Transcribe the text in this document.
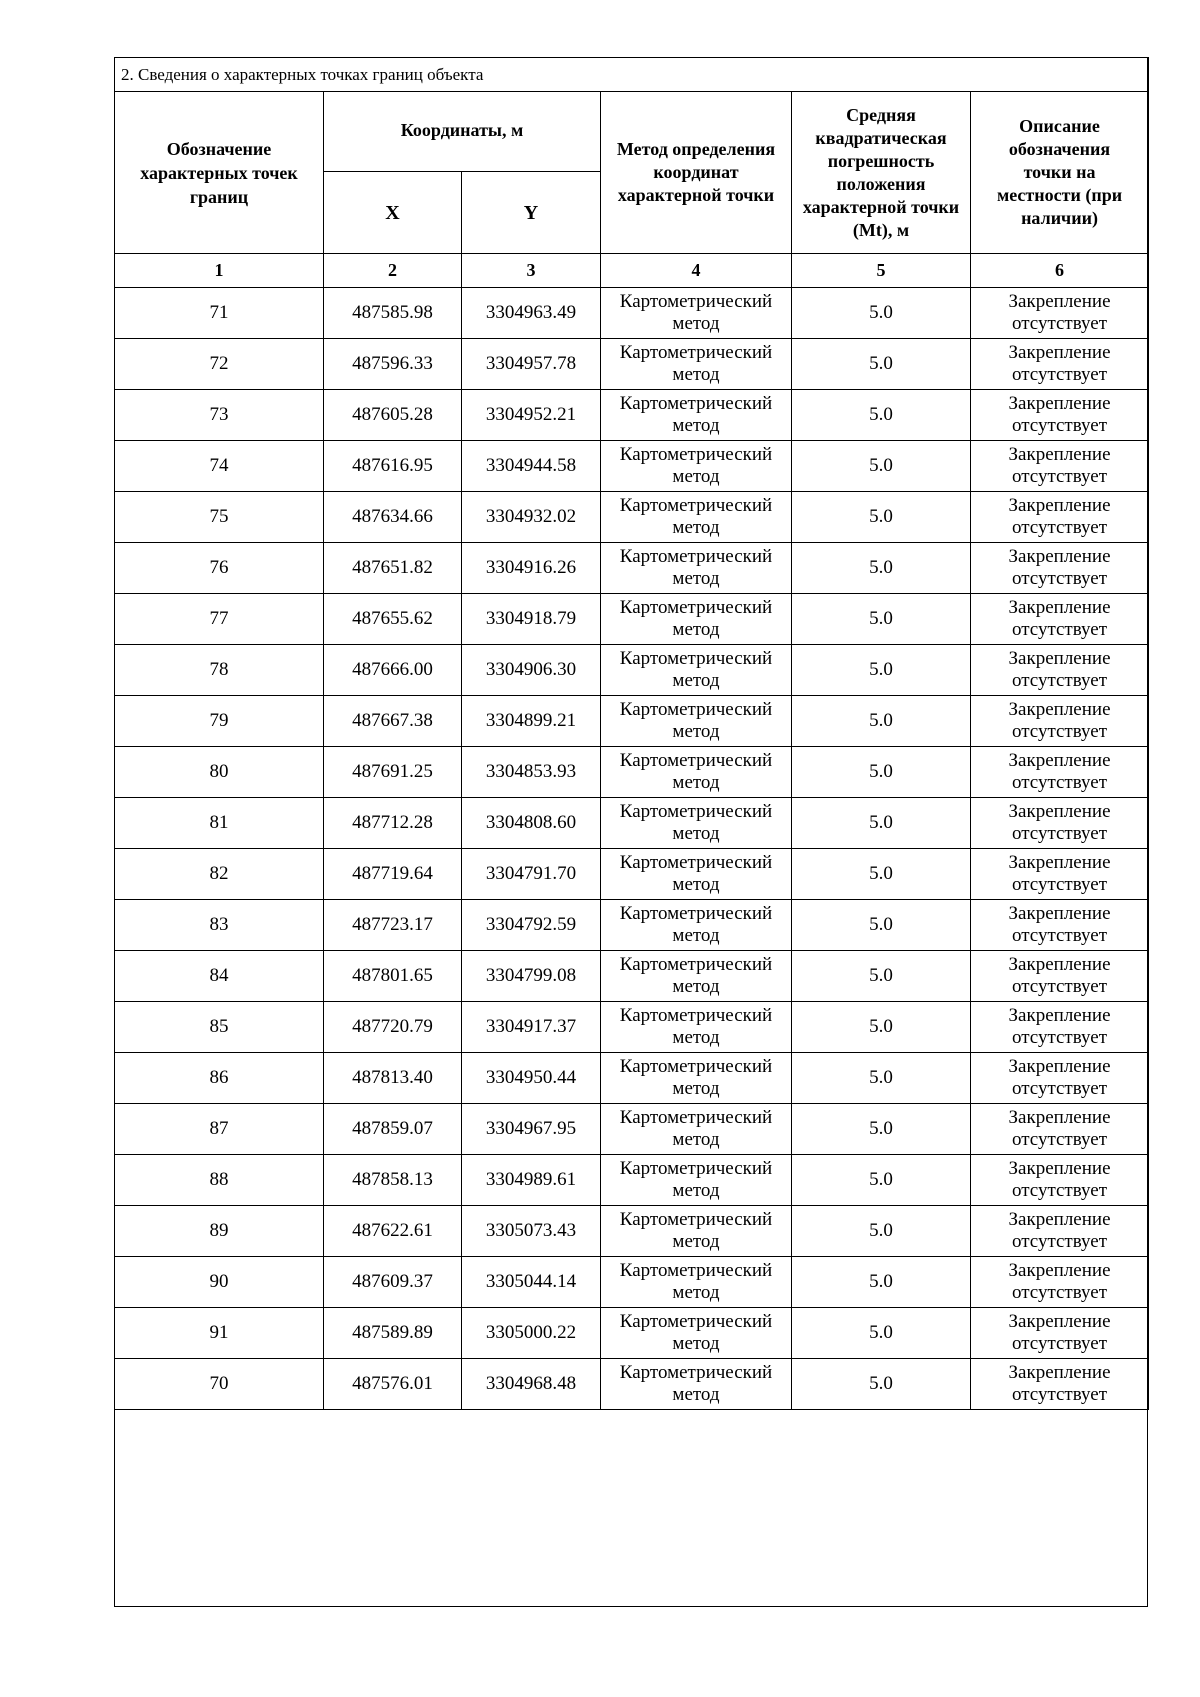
2. Сведения о характерных точках границ объекта					
Обозначение характерных точек границ	Координаты, м		Метод определения координат характерной точки	Средняя квадратическая погрешность положения характерной точки (Mt), м	Описание обозначения точки на местности (при наличии)
	X	Y			
1	2	3	4	5	6
71	487585.98	3304963.49	Картометрический метод	5.0	Закрепление отсутствует
72	487596.33	3304957.78	Картометрический метод	5.0	Закрепление отсутствует
73	487605.28	3304952.21	Картометрический метод	5.0	Закрепление отсутствует
74	487616.95	3304944.58	Картометрический метод	5.0	Закрепление отсутствует
75	487634.66	3304932.02	Картометрический метод	5.0	Закрепление отсутствует
76	487651.82	3304916.26	Картометрический метод	5.0	Закрепление отсутствует
77	487655.62	3304918.79	Картометрический метод	5.0	Закрепление отсутствует
78	487666.00	3304906.30	Картометрический метод	5.0	Закрепление отсутствует
79	487667.38	3304899.21	Картометрический метод	5.0	Закрепление отсутствует
80	487691.25	3304853.93	Картометрический метод	5.0	Закрепление отсутствует
81	487712.28	3304808.60	Картометрический метод	5.0	Закрепление отсутствует
82	487719.64	3304791.70	Картометрический метод	5.0	Закрепление отсутствует
83	487723.17	3304792.59	Картометрический метод	5.0	Закрепление отсутствует
84	487801.65	3304799.08	Картометрический метод	5.0	Закрепление отсутствует
85	487720.79	3304917.37	Картометрический метод	5.0	Закрепление отсутствует
86	487813.40	3304950.44	Картометрический метод	5.0	Закрепление отсутствует
87	487859.07	3304967.95	Картометрический метод	5.0	Закрепление отсутствует
88	487858.13	3304989.61	Картометрический метод	5.0	Закрепление отсутствует
89	487622.61	3305073.43	Картометрический метод	5.0	Закрепление отсутствует
90	487609.37	3305044.14	Картометрический метод	5.0	Закрепление отсутствует
91	487589.89	3305000.22	Картометрический метод	5.0	Закрепление отсутствует
70	487576.01	3304968.48	Картометрический метод	5.0	Закрепление отсутствует
